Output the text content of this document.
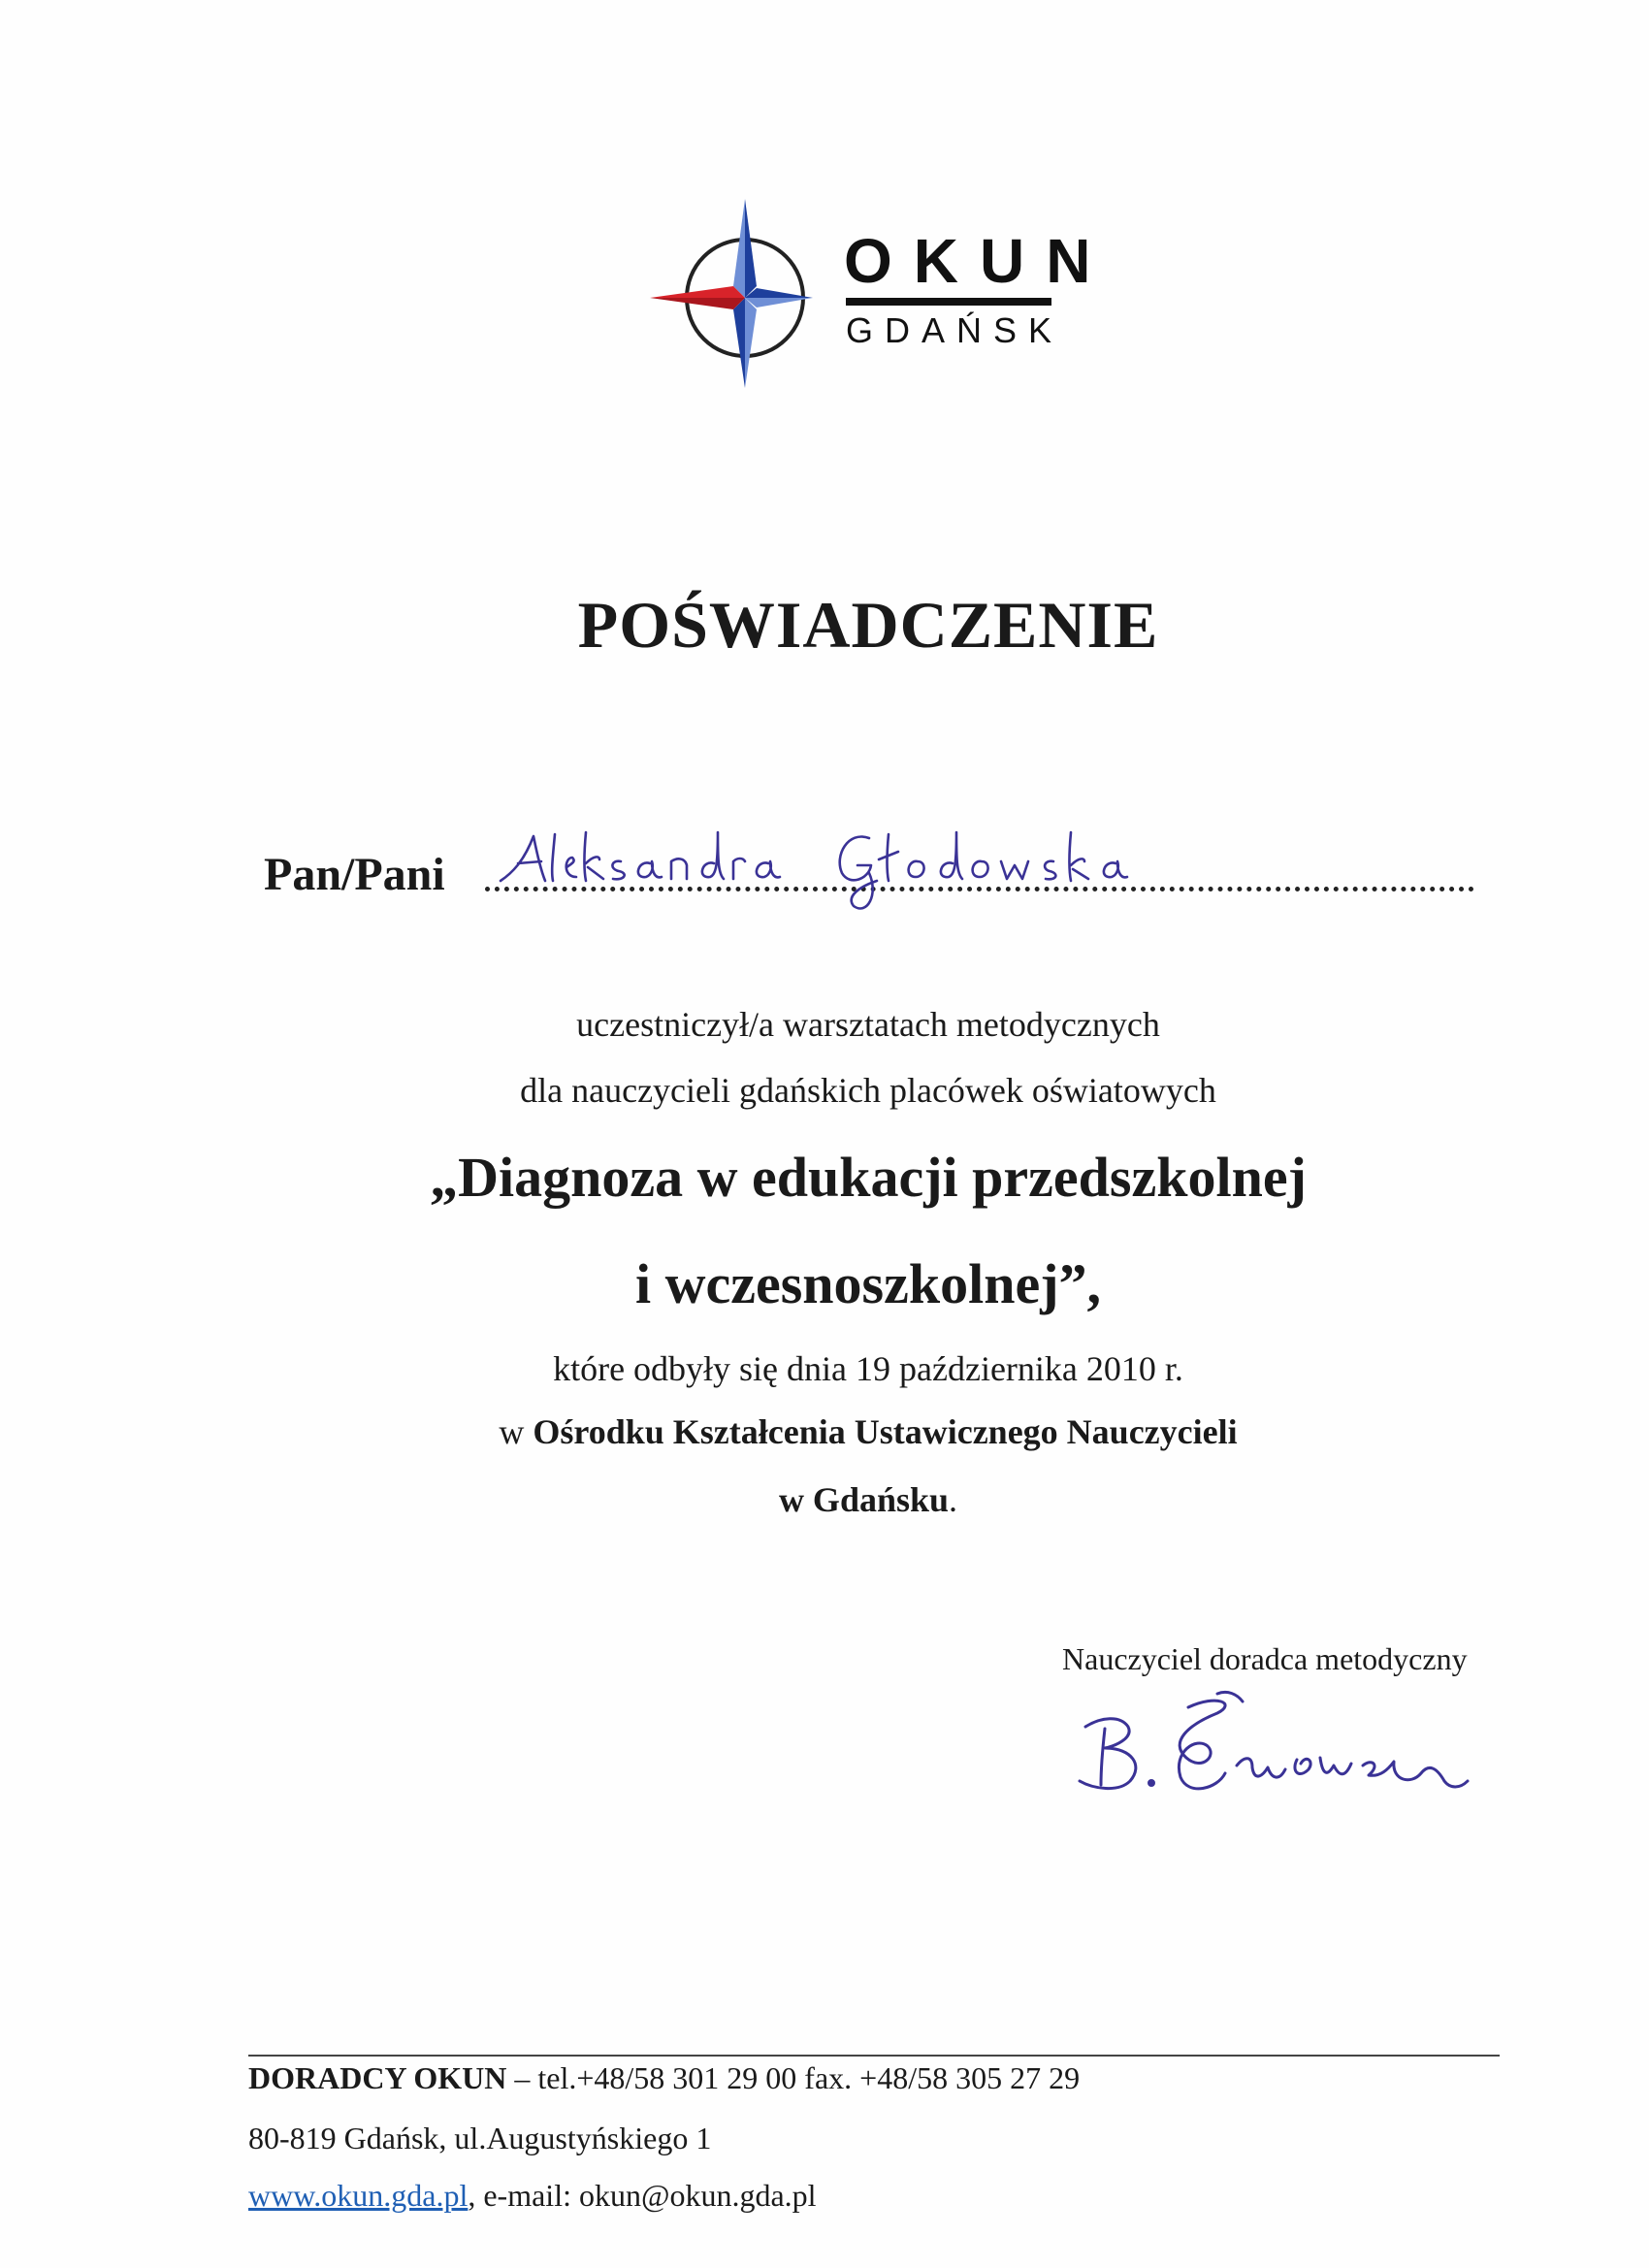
OKUN
GDAŃSK
POŚWIADCZENIE
Pan/Pani
uczestniczył/a warsztatach metodycznych
dla nauczycieli gdańskich placówek oświatowych
„Diagnoza w edukacji przedszkolnej
i wczesnoszkolnej”,
które odbyły się dnia 19 października 2010 r.
w Ośrodku Kształcenia Ustawicznego Nauczycieli
w Gdańsku.
Nauczyciel doradca metodyczny
DORADCY OKUN – tel.+48/58 301 29 00 fax. +48/58 305 27 29
80-819 Gdańsk, ul.Augustyńskiego 1
www.okun.gda.pl, e-mail: okun@okun.gda.pl
